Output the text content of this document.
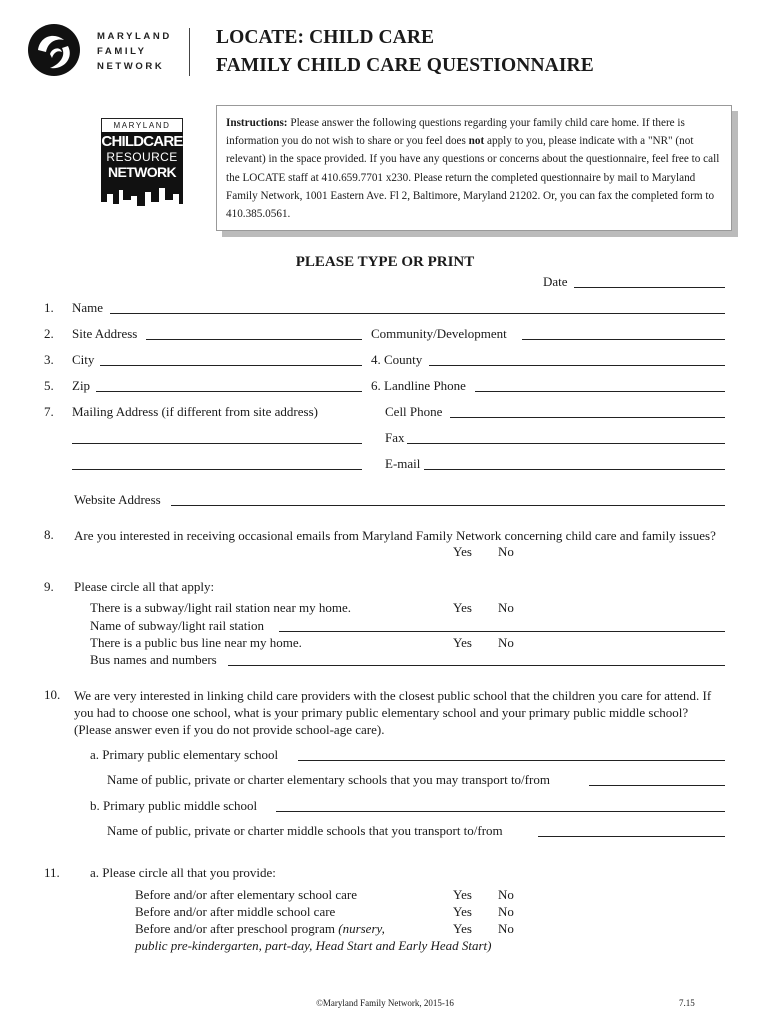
MARYLAND
FAMILY
NETWORK
LOCATE: CHILD CARE
FAMILY CHILD CARE QUESTIONNAIRE
MARYLAND
CHILDCARE
RESOURCE
NETWORK
Instructions: Please answer the following questions regarding your family child care home. If there is information you do not wish to share or you feel does not apply to you, please indicate with a "NR" (not relevant) in the space provided. If you have any questions or concerns about the questionnaire, feel free to call the LOCATE staff at 410.659.7701 x230. Please return the completed questionnaire by mail to Maryland Family Network, 1001 Eastern Ave. Fl 2, Baltimore, Maryland 21202. Or, you can fax the completed form to 410.385.0561.
PLEASE TYPE OR PRINT
Date
1. Name
2. Site Address	Community/Development
3. City	4. County
5. Zip	6. Landline Phone
7. Mailing Address (if different from site address)	Cell Phone
Fax
E-mail
Website Address
8. Are you interested in receiving occasional emails from Maryland Family Network concerning child care and family issues?
Yes No
9. Please circle all that apply:
There is a subway/light rail station near my home.	Yes No
Name of subway/light rail station
There is a public bus line near my home.	Yes No
Bus names and numbers
10. We are very interested in linking child care providers with the closest public school that the children you care for attend. If you had to choose one school, what is your primary public elementary school and your primary public middle school? (Please answer even if you do not provide school-age care).
a. Primary public elementary school
Name of public, private or charter elementary schools that you may transport to/from
b. Primary public middle school
Name of public, private or charter middle schools that you transport to/from
11. a. Please circle all that you provide:
Before and/or after elementary school care	Yes No
Before and/or after middle school care	Yes No
Before and/or after preschool program (nursery,	Yes No
public pre-kindergarten, part-day, Head Start and Early Head Start)
©Maryland Family Network, 2015-16	7.15
